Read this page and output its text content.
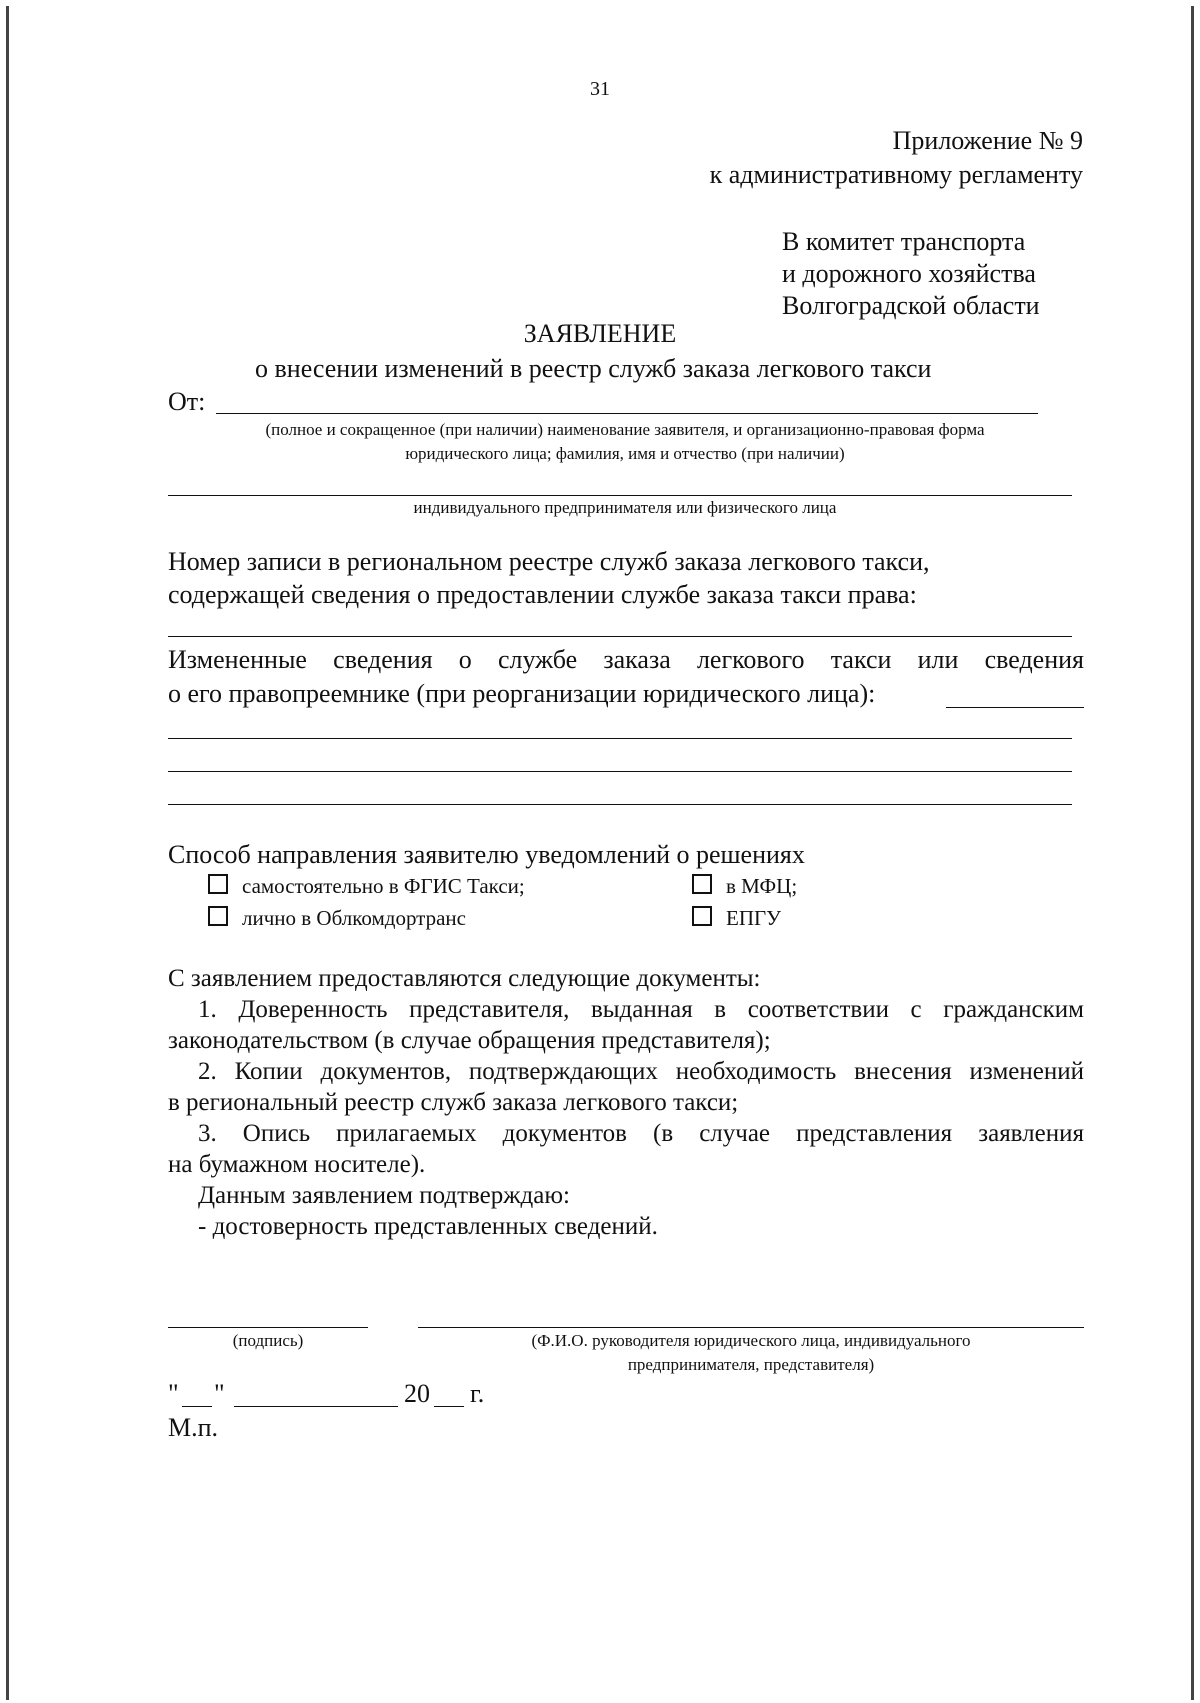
31
Приложение № 9
к административному регламенту
В комитет транспорта
и дорожного хозяйства
Волгоградской области
ЗАЯВЛЕНИЕ
о внесении изменений в реестр служб заказа легкового такси
От:
(полное и сокращенное (при наличии) наименование заявителя, и организационно-правовая форма
юридического лица; фамилия, имя и отчество (при наличии)
индивидуального предпринимателя или физического лица
Номер записи в региональном реестре служб заказа легкового такси,
содержащей сведения о предоставлении службе заказа такси права:
Измененные сведения о службе заказа легкового такси или сведения
о его правопреемнике (при реорганизации юридического лица):
Способ направления заявителю уведомлений о решениях
самостоятельно в ФГИС Такси;
лично в Облкомдортранс
в МФЦ;
ЕПГУ
С заявлением предоставляются следующие документы:
1. Доверенность представителя, выданная в соответствии с гражданским
законодательством (в случае обращения представителя);
2. Копии документов, подтверждающих необходимость внесения изменений
в региональный реестр служб заказа легкового такси;
3. Опись прилагаемых документов (в случае представления заявления
на бумажном носителе).
Данным заявлением подтверждаю:
- достоверность представленных сведений.
(подпись)	(Ф.И.О. руководителя юридического лица, индивидуального
предпринимателя, представителя)
" "	20 г.
М.п.
